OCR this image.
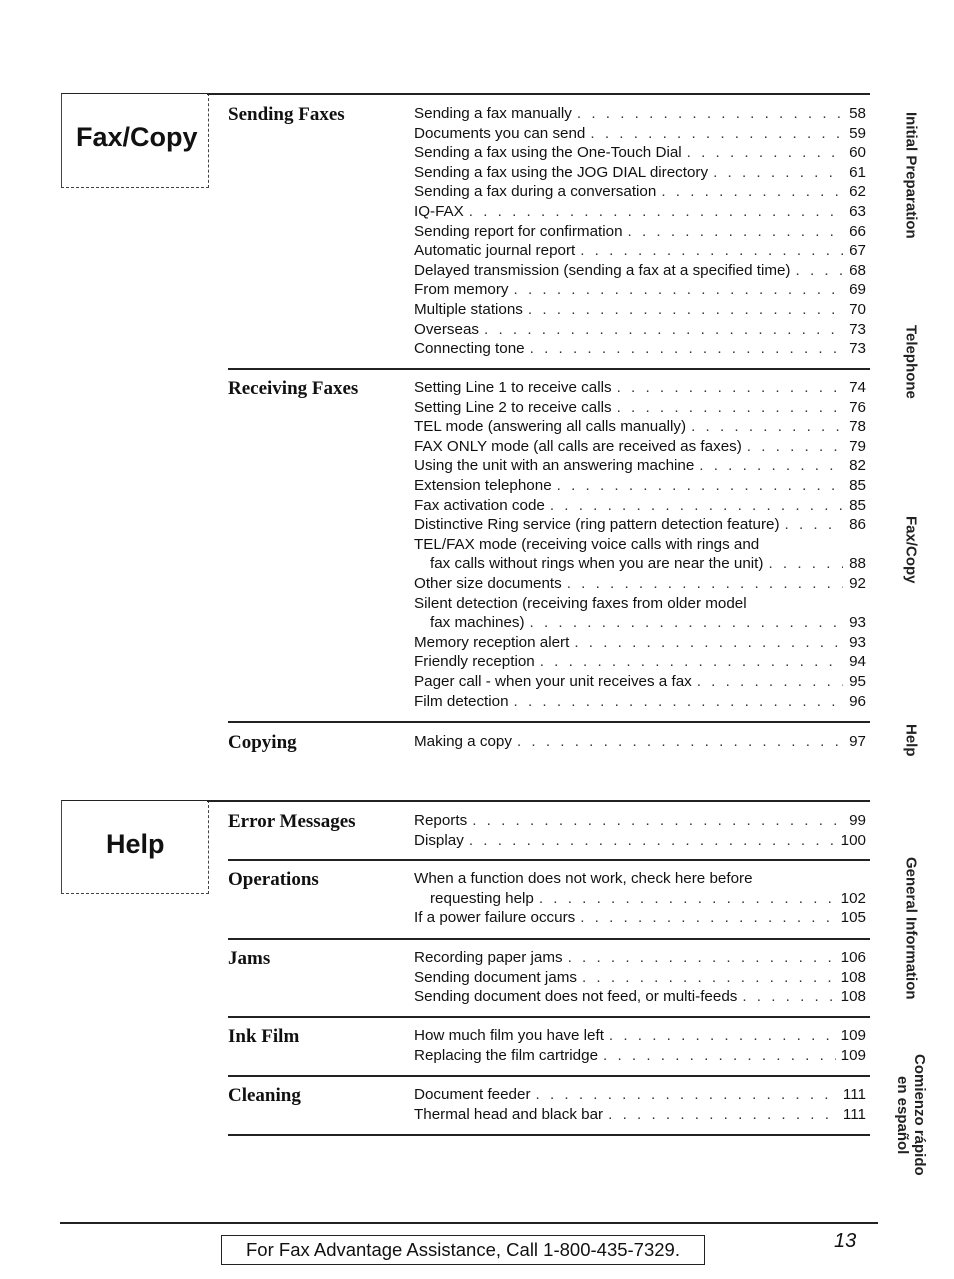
Fax/Copy
Help
Sending Faxes	Sending a fax manually . . .	58
Documents you can send . . .	59
Sending a fax using the One-Touch Dial . . .	60
Sending a fax using the JOG DIAL directory . . .	61
Sending a fax during a conversation . . .	62
IQ-FAX . . .	63
Sending report for confirmation . . .	66
Automatic journal report . . .	67
Delayed transmission (sending a fax at a specified time) . . .	68
From memory . . .	69
Multiple stations . . .	70
Overseas . . .	73
Connecting tone . . .	73
Receiving Faxes	Setting Line 1 to receive calls . . .	74
Setting Line 2 to receive calls . . .	76
TEL mode (answering all calls manually) . . .	78
FAX ONLY mode (all calls are received as faxes) . . .	79
Using the unit with an answering machine . . .	82
Extension telephone . . .	85
Fax activation code . . .	85
Distinctive Ring service (ring pattern detection feature) . . .	86
TEL/FAX mode (receiving voice calls with rings and
fax calls without rings when you are near the unit) . . .	88
Other size documents . . .	92
Silent detection (receiving faxes from older model
fax machines) . . .	93
Memory reception alert . . .	93
Friendly reception . . .	94
Pager call - when your unit receives a fax . . .	95
Film detection . . .	96
Copying	Making a copy . . .	97
Error Messages	Reports . . .	99
Display . . .	100
Operations	When a function does not work, check here before
requesting help . . .	102
If a power failure occurs . . .	105
Jams	Recording paper jams . . .	106
Sending document jams . . .	108
Sending document does not feed, or multi-feeds . . .	108
Ink Film	How much film you have left . . .	109
Replacing the film cartridge . . .	109
Cleaning	Document feeder . . .	111
Thermal head and black bar . . .	111
Initial Preparation
Telephone
Fax/Copy
Help
General Information
Comienzo rápido
en español
For Fax Advantage Assistance, Call 1-800-435-7329.	13
